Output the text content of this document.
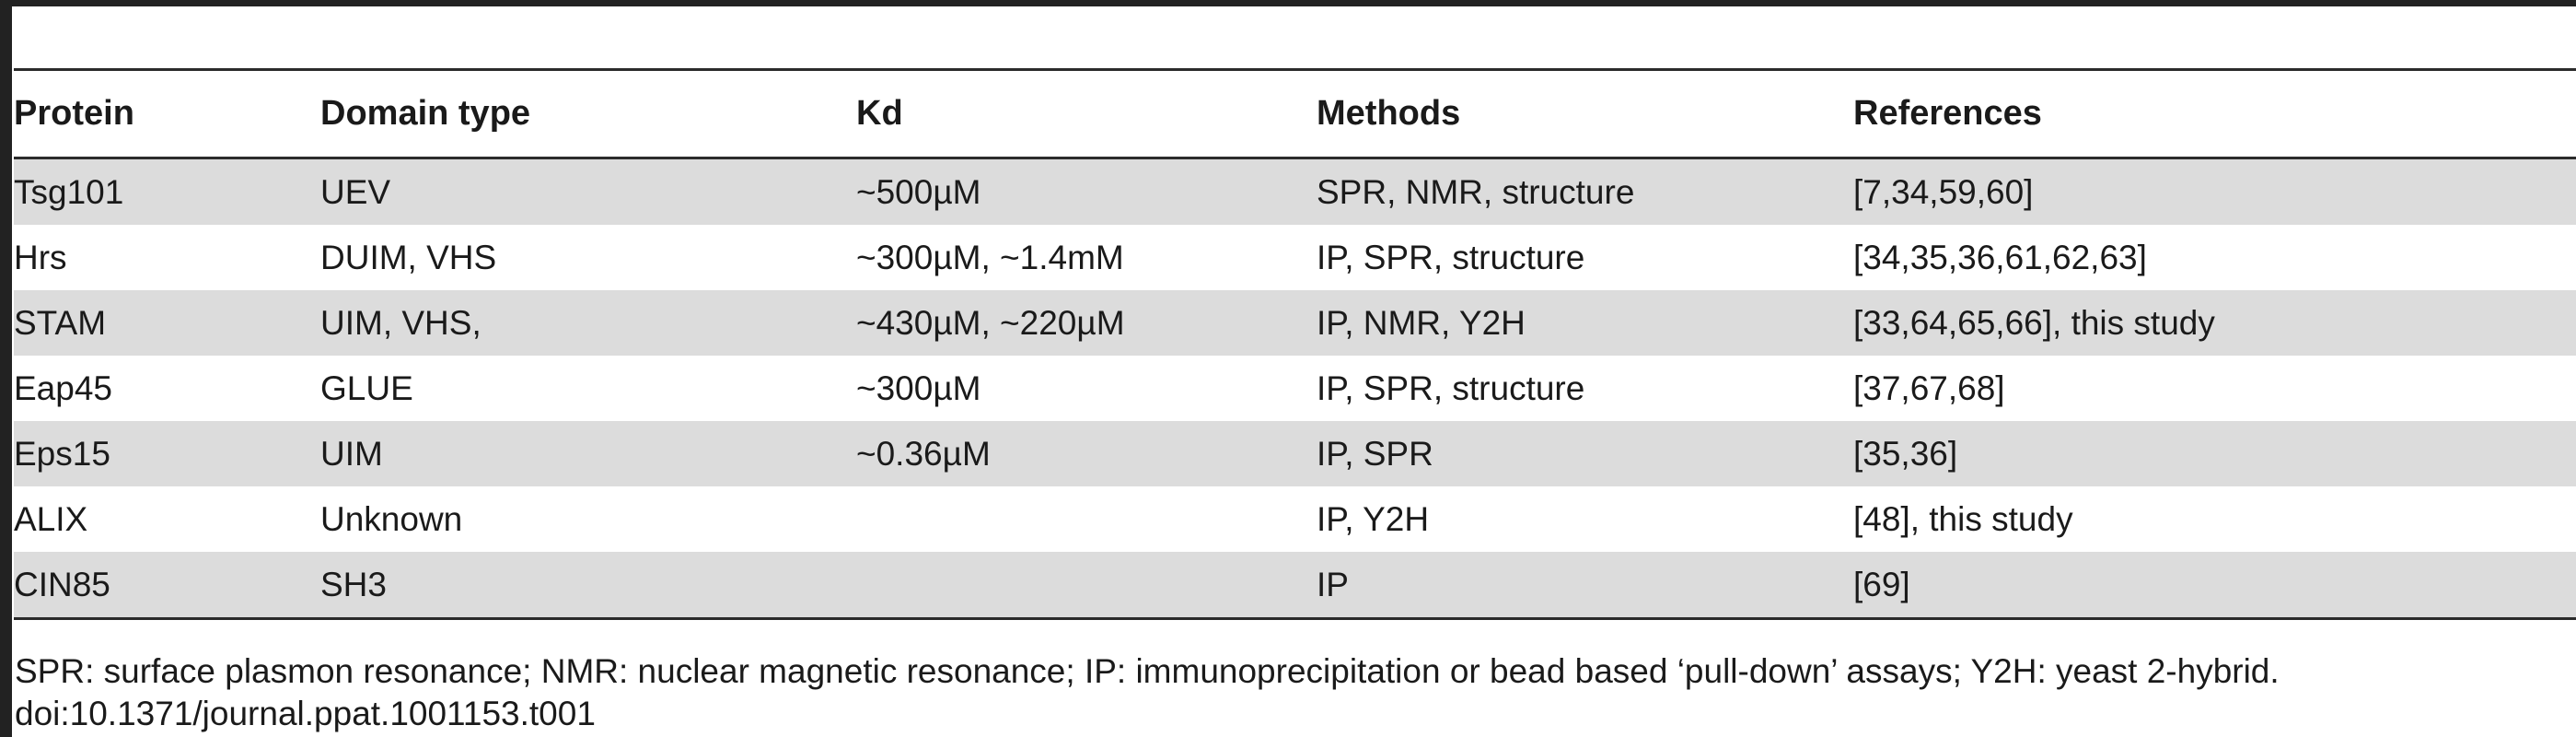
Protein	Domain type	Kd	Methods	References
Tsg101	UEV	~500µM	SPR, NMR, structure	[7,34,59,60]
Hrs	DUIM, VHS	~300µM, ~1.4mM	IP, SPR, structure	[34,35,36,61,62,63]
STAM	UIM, VHS,	~430µM, ~220µM	IP, NMR, Y2H	[33,64,65,66], this study
Eap45	GLUE	~300µM	IP, SPR, structure	[37,67,68]
Eps15	UIM	~0.36µM	IP, SPR	[35,36]
ALIX	Unknown		IP, Y2H	[48], this study
CIN85	SH3		IP	[69]
SPR: surface plasmon resonance; NMR: nuclear magnetic resonance; IP: immunoprecipitation or bead based ‘pull-down’ assays; Y2H: yeast 2-hybrid.
doi:10.1371/journal.ppat.1001153.t001
